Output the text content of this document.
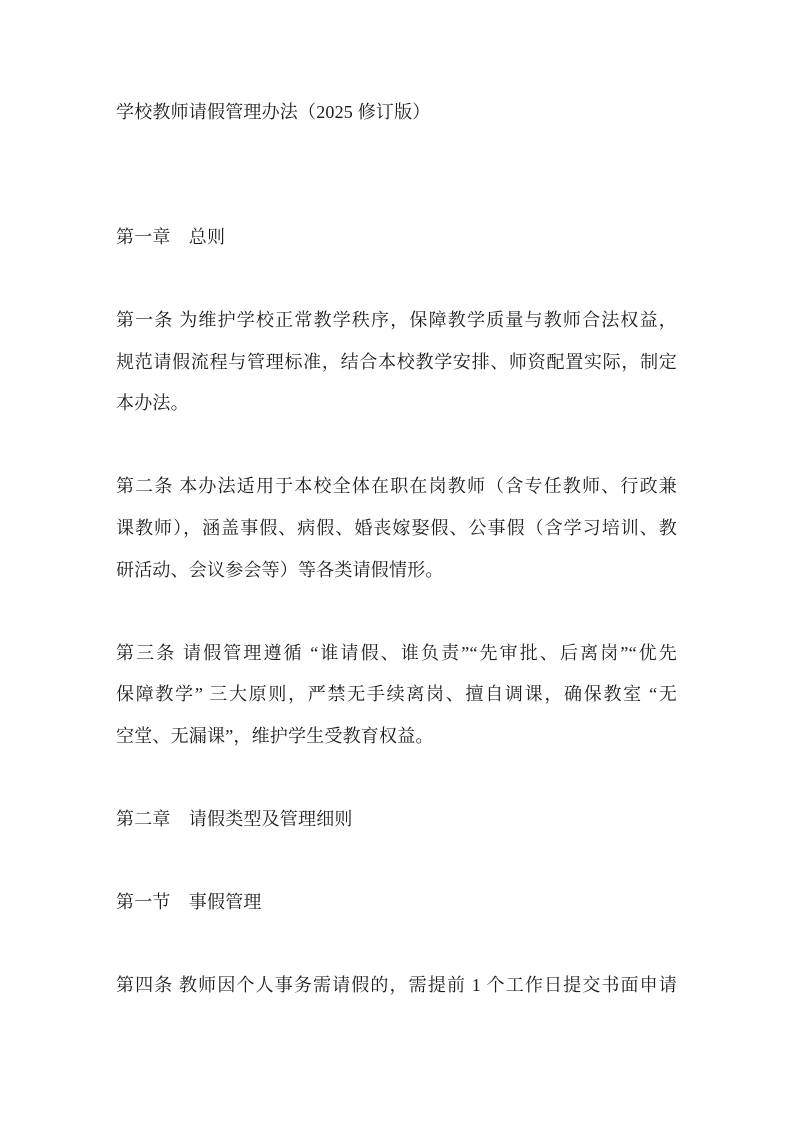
学校教师请假管理办法（2025 修订版）
第一章　总则
第一条 为维护学校正常教学秩序，保障教学质量与教师合法权益，
规范请假流程与管理标准，结合本校教学安排、师资配置实际，制定
本办法。
第二条 本办法适用于本校全体在职在岗教师（含专任教师、行政兼
课教师），涵盖事假、病假、婚丧嫁娶假、公事假（含学习培训、教
研活动、会议参会等）等各类请假情形。
第三条 请假管理遵循 “谁请假、谁负责”“先审批、后离岗”“优先
保障教学” 三大原则，严禁无手续离岗、擅自调课，确保教室 “无
空堂、无漏课”，维护学生受教育权益。
第二章　请假类型及管理细则
第一节　事假管理
第四条 教师因个人事务需请假的，需提前 1 个工作日提交书面申请
